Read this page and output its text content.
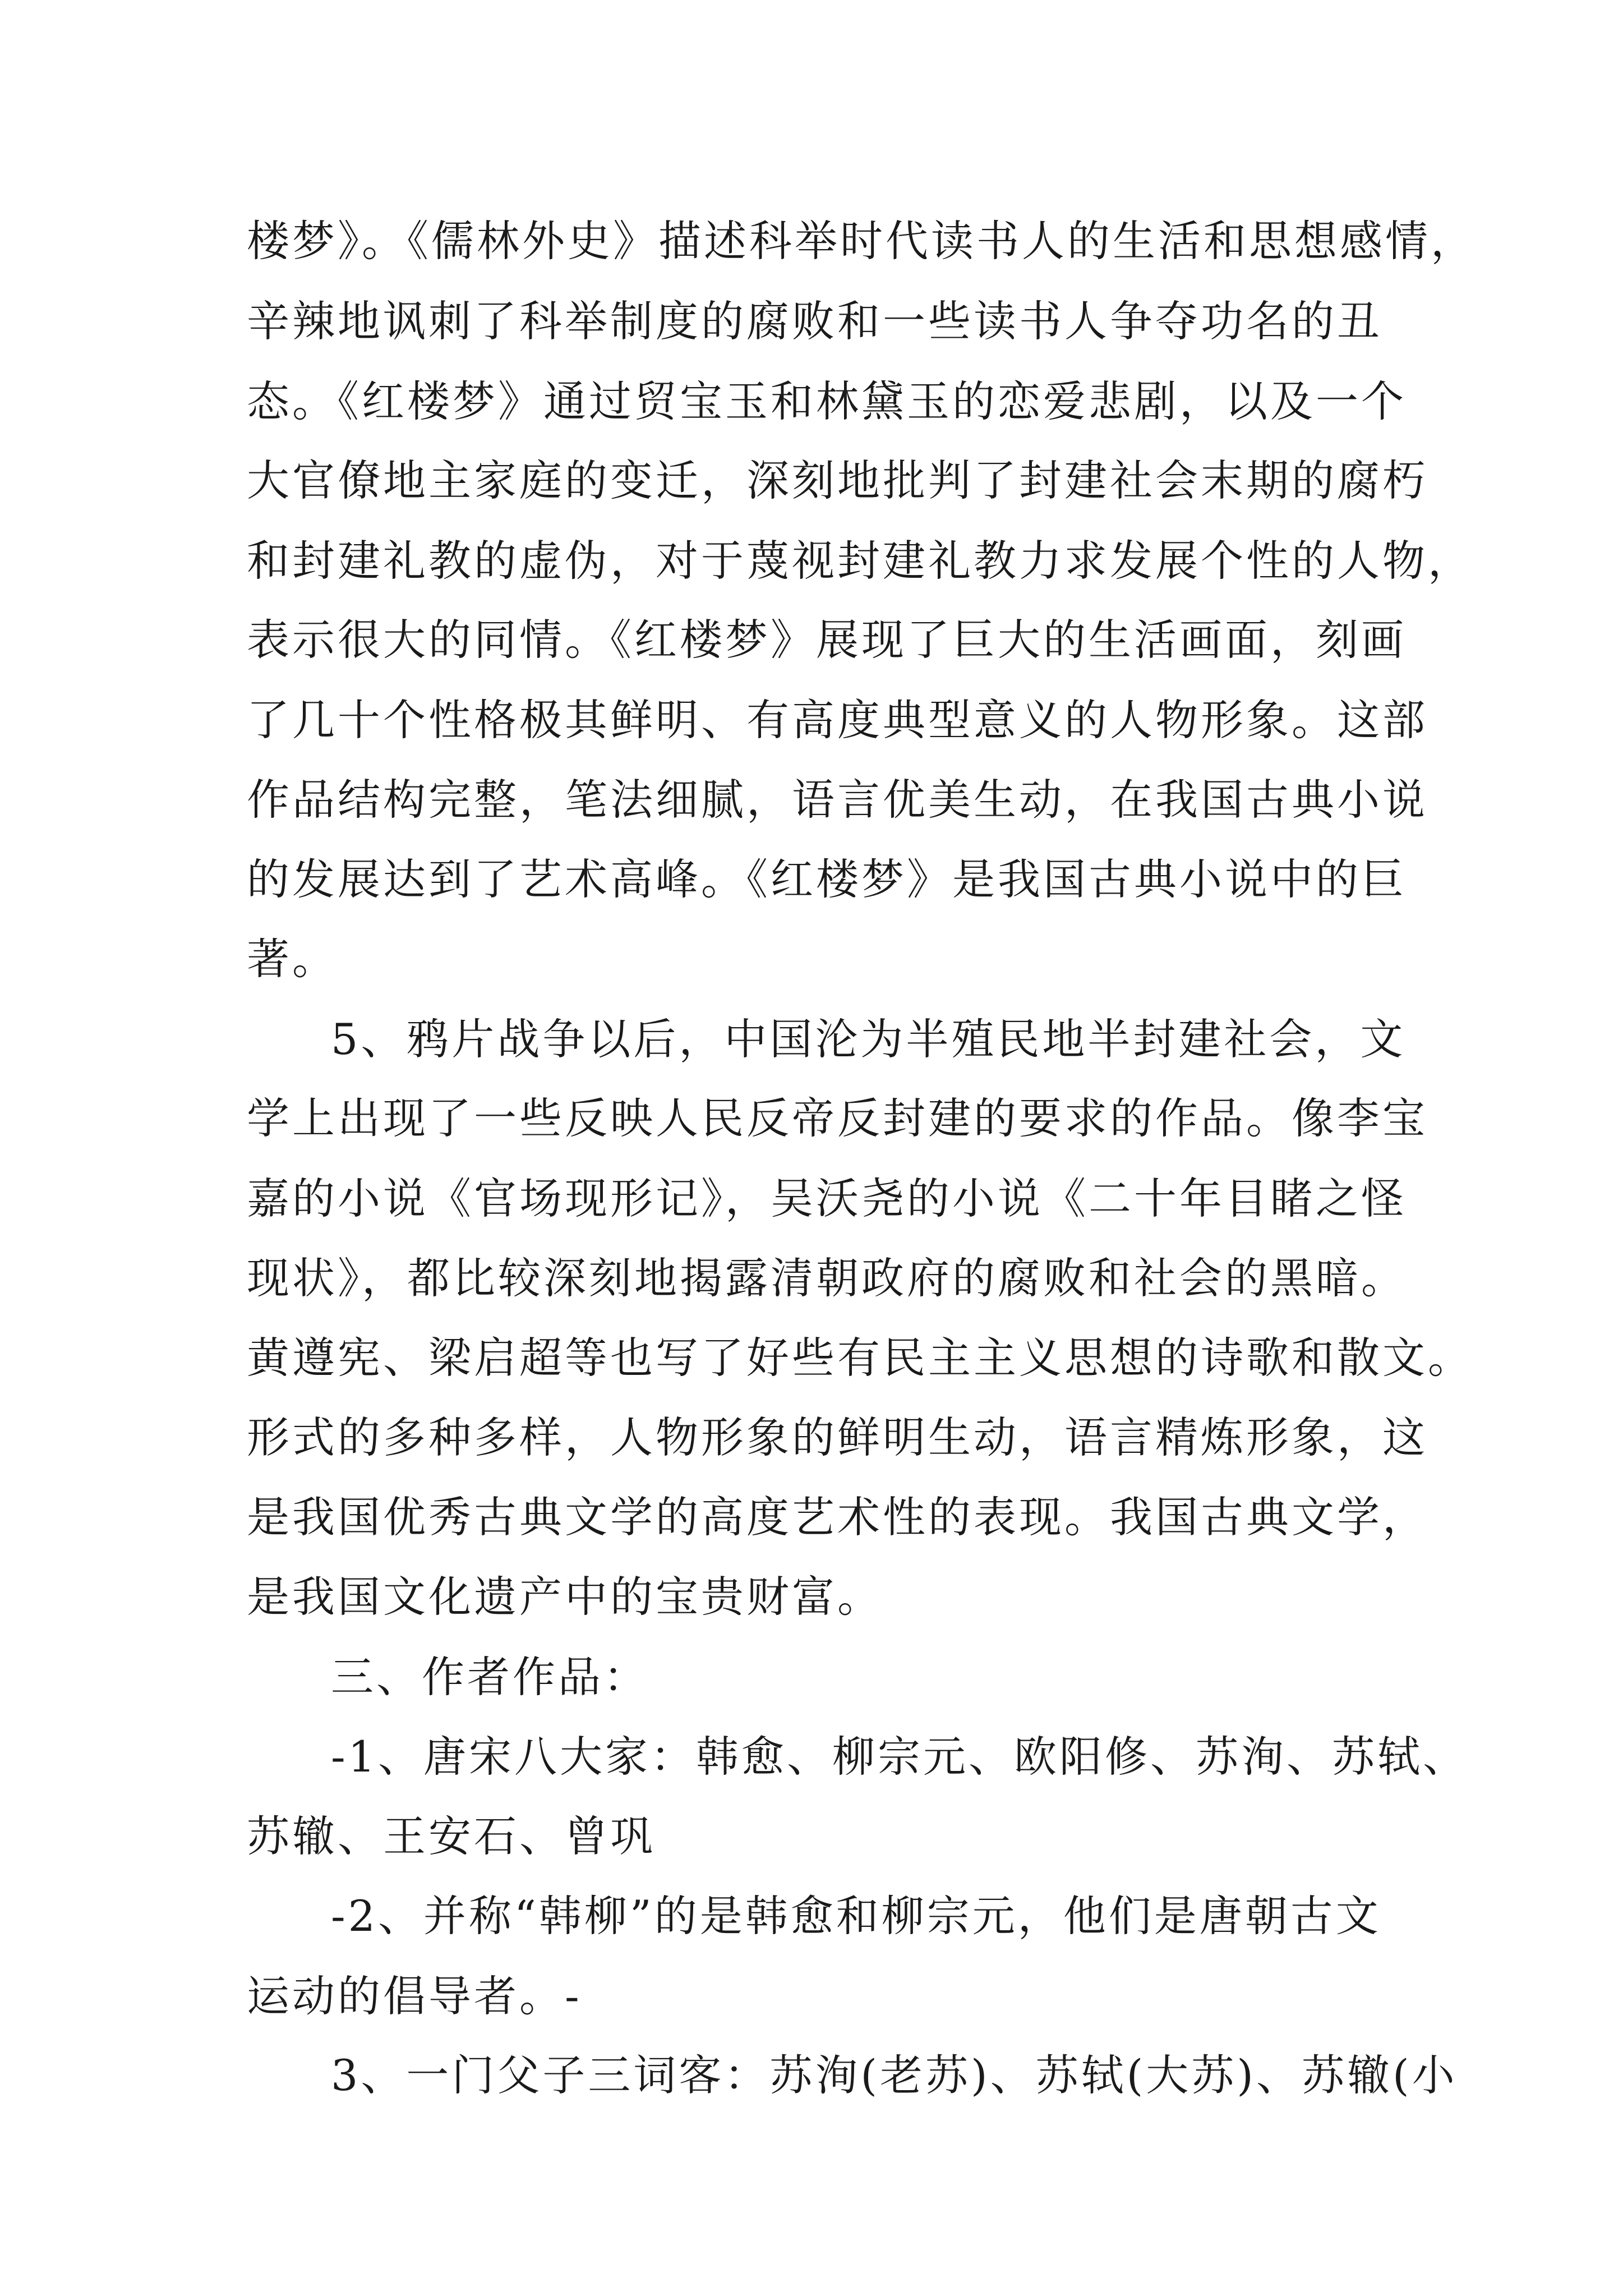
楼梦》。《儒林外史》描述科举时代读书人的生活和思想感情，
辛辣地讽刺了科举制度的腐败和一些读书人争夺功名的丑
态。《红楼梦》通过贸宝玉和林黛玉的恋爱悲剧，以及一个
大官僚地主家庭的变迁，深刻地批判了封建社会末期的腐朽
和封建礼教的虚伪，对于蔑视封建礼教力求发展个性的人物，
表示很大的同情。《红楼梦》展现了巨大的生活画面，刻画
了几十个性格极其鲜明、有高度典型意义的人物形象。这部
作品结构完整，笔法细腻，语言优美生动，在我国古典小说
的发展达到了艺术高峰。《红楼梦》是我国古典小说中的巨
著。
5、鸦片战争以后，中国沦为半殖民地半封建社会，文
学上出现了一些反映人民反帝反封建的要求的作品。像李宝
嘉的小说《官场现形记》，吴沃尧的小说《二十年目睹之怪
现状》，都比较深刻地揭露清朝政府的腐败和社会的黑暗。
黄遵宪、梁启超等也写了好些有民主主义思想的诗歌和散文。
形式的多种多样，人物形象的鲜明生动，语言精炼形象，这
是我国优秀古典文学的高度艺术性的表现。我国古典文学，
是我国文化遗产中的宝贵财富。
三、作者作品：
-1、唐宋八大家：韩愈、柳宗元、欧阳修、苏洵、苏轼、
苏辙、王安石、曾巩
-2、并称“韩柳”的是韩愈和柳宗元，他们是唐朝古文
运动的倡导者。-
3、一门父子三词客：苏洵(老苏)、苏轼(大苏)、苏辙(小
